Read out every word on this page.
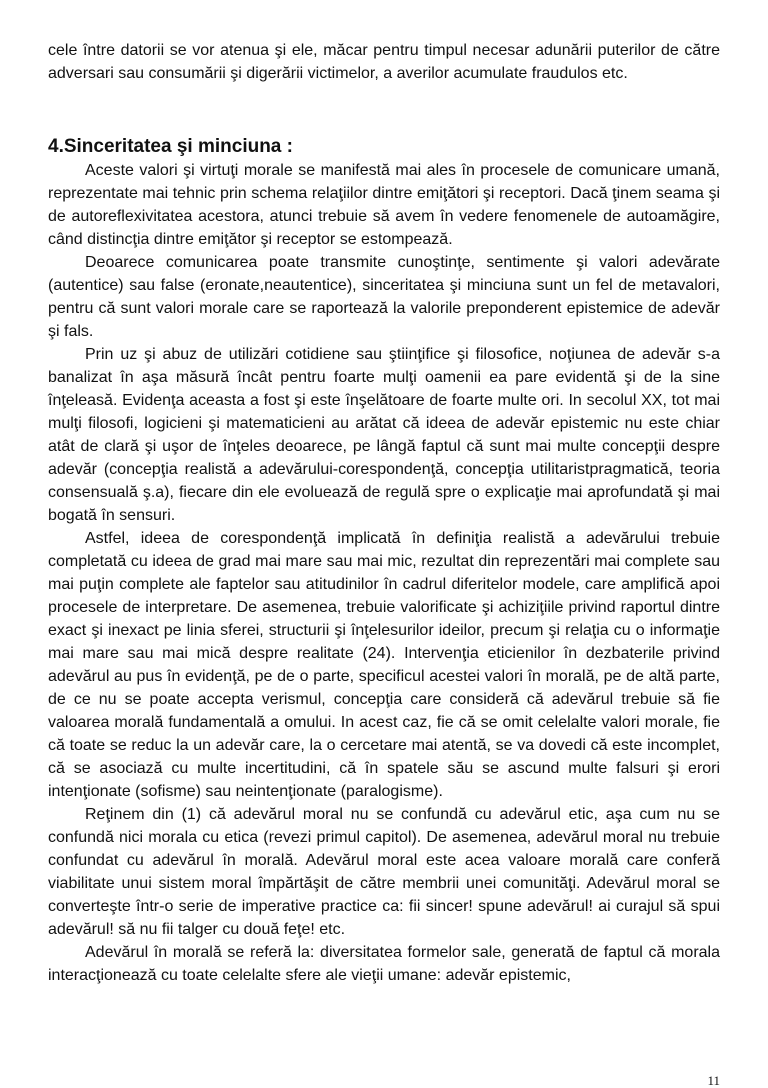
cele între datorii se vor atenua şi ele, măcar pentru timpul necesar adunării puterilor de către adversari sau consumării şi digerării victimelor, a averilor acumulate fraudulos etc.

4.Sinceritatea şi minciuna :

Aceste valori şi virtuţi morale se manifestă mai ales în procesele de comunicare umană, reprezentate mai tehnic prin schema relaţiilor dintre emiţători şi receptori. Dacă ţinem seama şi de autoreflexivitatea acestora, atunci trebuie să avem în vedere fenomenele de autoamăgire, când distincţia dintre emiţător şi receptor se estompează.

Deoarece comunicarea poate transmite cunoştinţe, sentimente şi valori adevărate (autentice) sau false (eronate,neautentice), sinceritatea şi minciuna sunt un fel de metavalori, pentru că sunt valori morale care se raportează la valorile preponderent epistemice de adevăr şi fals.

Prin uz şi abuz de utilizări cotidiene sau ştiinţifice şi filosofice, noţiunea de adevăr s-a banalizat în aşa măsură încât pentru foarte mulţi oamenii ea pare evidentă şi de la sine înţeleasă. Evidenţa aceasta a fost şi este înşelătoare de foarte multe ori. In secolul XX, tot mai mulţi filosofi, logicieni şi matematicieni au arătat că ideea de adevăr epistemic nu este chiar atât de clară şi uşor de înţeles deoarece, pe lângă faptul că sunt mai multe concepţii despre adevăr (concepţia realistă a adevărului-corespondenţă, concepţia utilitaristpragmatică, teoria consensuală ş.a), fiecare din ele evoluează de regulă spre o explicaţie mai aprofundată şi mai bogată în sensuri.

Astfel, ideea de corespondenţă implicată în definiţia realistă a adevărului trebuie completată cu ideea de grad mai mare sau mai mic, rezultat din reprezentări mai complete sau mai puţin complete ale faptelor sau atitudinilor în cadrul diferitelor modele, care amplifică apoi procesele de interpretare. De asemenea, trebuie valorificate şi achiziţiile privind raportul dintre exact şi inexact pe linia sferei, structurii şi înţelesurilor ideilor, precum şi relaţia cu o informaţie mai mare sau mai mică despre realitate (24). Intervenţia eticienilor în dezbaterile privind adevărul au pus în evidenţă, pe de o parte, specificul acestei valori în morală, pe de altă parte, de ce nu se poate accepta verismul, concepţia care consideră că adevărul trebuie să fie valoarea morală fundamentală a omului. In acest caz, fie că se omit celelalte valori morale, fie că toate se reduc la un adevăr care, la o cercetare mai atentă, se va dovedi că este incomplet, că se asociază cu multe incertitudini, că în spatele său se ascund multe falsuri şi erori intenţionate (sofisme) sau neintenţionate (paralogisme).

Reţinem din (1) că adevărul moral nu se confundă cu adevărul etic, aşa cum nu se confundă nici morala cu etica (revezi primul capitol). De asemenea, adevărul moral nu trebuie confundat cu adevărul în morală. Adevărul moral este acea valoare morală care conferă viabilitate unui sistem moral împărtăşit de către membrii unei comunităţi. Adevărul moral se converteşte într-o serie de imperative practice ca: fii sincer! spune adevărul! ai curajul să spui adevărul! să nu fii talger cu două feţe! etc.

Adevărul în morală se referă la: diversitatea formelor sale, generată de faptul că morala interacţionează cu toate celelalte sfere ale vieţii umane: adevăr epistemic,

11
